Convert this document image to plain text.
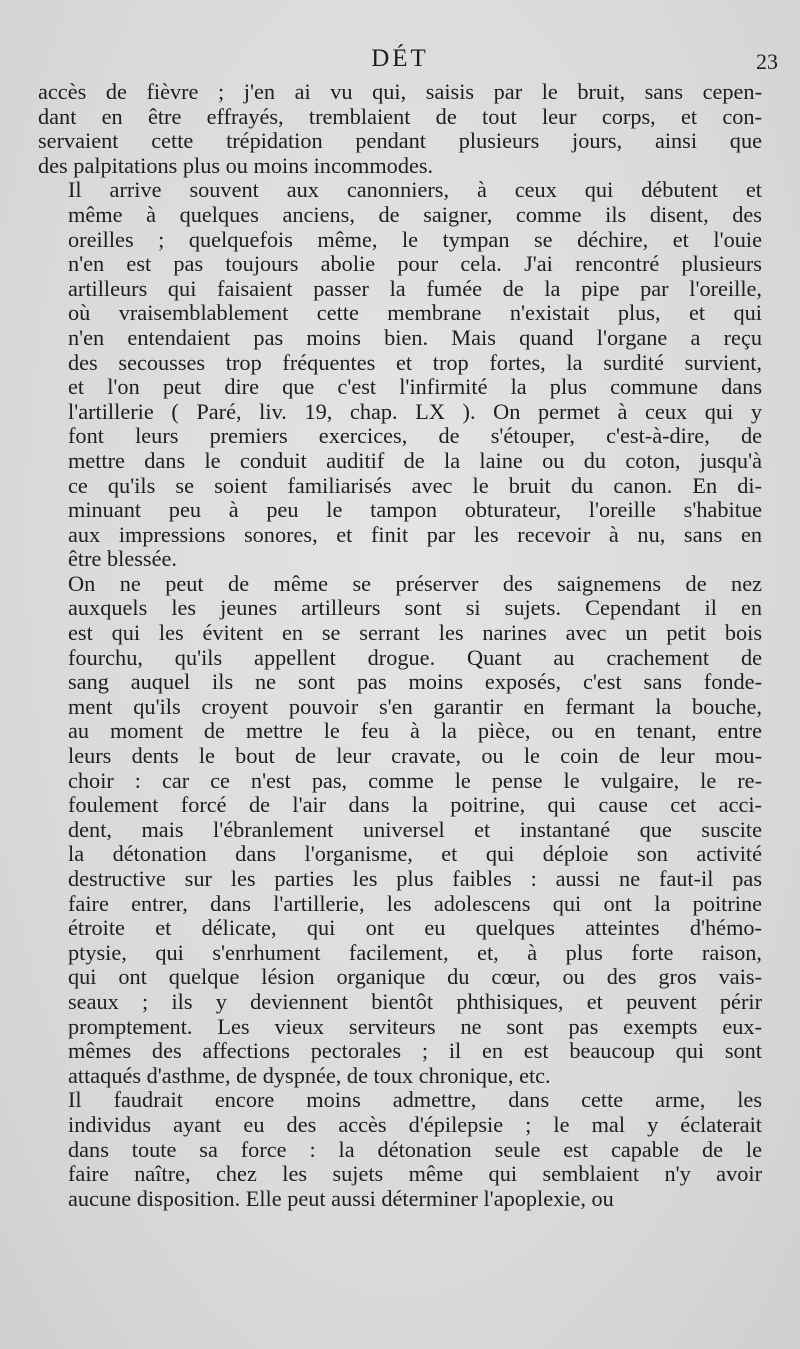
DÉT	23

accès de fièvre ; j'en ai vu qui, saisis par le bruit, sans cepen-
dant en être effrayés, tremblaient de tout leur corps, et con-
servaient cette trépidation pendant plusieurs jours, ainsi que
des palpitations plus ou moins incommodes.

Il arrive souvent aux canonniers, à ceux qui débutent et
même à quelques anciens, de saigner, comme ils disent, des
oreilles ; quelquefois même, le tympan se déchire, et l'ouie
n'en est pas toujours abolie pour cela. J'ai rencontré plusieurs
artilleurs qui faisaient passer la fumée de la pipe par l'oreille,
où vraisemblablement cette membrane n'existait plus, et qui
n'en entendaient pas moins bien. Mais quand l'organe a reçu
des secousses trop fréquentes et trop fortes, la surdité survient,
et l'on peut dire que c'est l'infirmité la plus commune dans
l'artillerie ( Paré, liv. 19, chap. LX ). On permet à ceux qui y
font leurs premiers exercices, de s'étouper, c'est-à-dire, de
mettre dans le conduit auditif de la laine ou du coton, jusqu'à
ce qu'ils se soient familiarisés avec le bruit du canon. En di-
minuant peu à peu le tampon obturateur, l'oreille s'habitue
aux impressions sonores, et finit par les recevoir à nu, sans en
être blessée.

On ne peut de même se préserver des saignemens de nez
auxquels les jeunes artilleurs sont si sujets. Cependant il en
est qui les évitent en se serrant les narines avec un petit bois
fourchu, qu'ils appellent drogue. Quant au crachement de
sang auquel ils ne sont pas moins exposés, c'est sans fonde-
ment qu'ils croyent pouvoir s'en garantir en fermant la bouche,
au moment de mettre le feu à la pièce, ou en tenant, entre
leurs dents le bout de leur cravate, ou le coin de leur mou-
choir : car ce n'est pas, comme le pense le vulgaire, le re-
foulement forcé de l'air dans la poitrine, qui cause cet acci-
dent, mais l'ébranlement universel et instantané que suscite
la détonation dans l'organisme, et qui déploie son activité
destructive sur les parties les plus faibles : aussi ne faut-il pas
faire entrer, dans l'artillerie, les adolescens qui ont la poitrine
étroite et délicate, qui ont eu quelques atteintes d'hémo-
ptysie, qui s'enrhument facilement, et, à plus forte raison,
qui ont quelque lésion organique du cœur, ou des gros vais-
seaux ; ils y deviennent bientôt phthisiques, et peuvent périr
promptement. Les vieux serviteurs ne sont pas exempts eux-
mêmes des affections pectorales ; il en est beaucoup qui sont
attaqués d'asthme, de dyspnée, de toux chronique, etc.

Il faudrait encore moins admettre, dans cette arme, les
individus ayant eu des accès d'épilepsie ; le mal y éclaterait
dans toute sa force : la détonation seule est capable de le
faire naître, chez les sujets même qui semblaient n'y avoir
aucune disposition. Elle peut aussi déterminer l'apoplexie, ou
